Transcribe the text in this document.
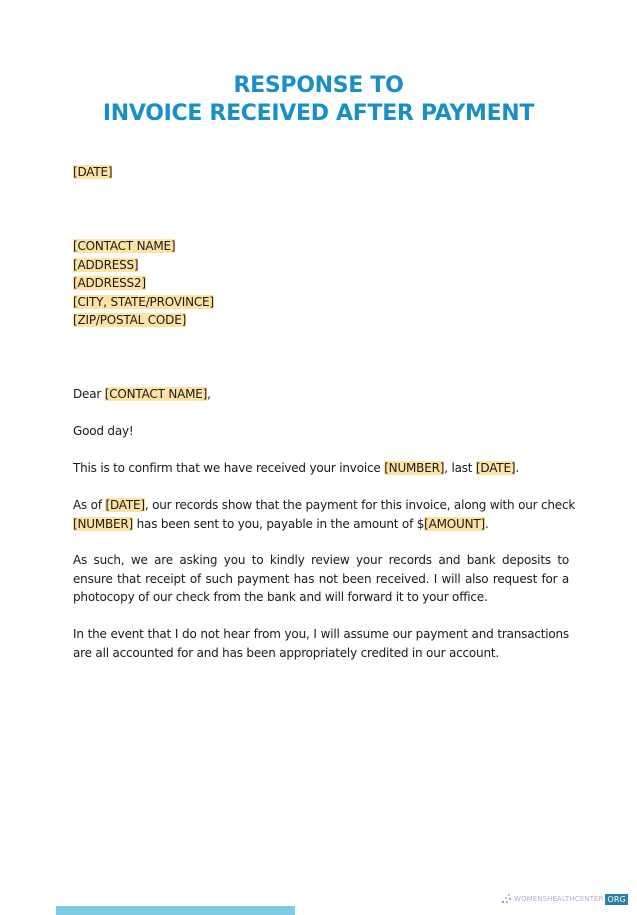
RESPONSE TO
INVOICE RECEIVED AFTER PAYMENT
[DATE]
[CONTACT NAME]
[ADDRESS]
[ADDRESS2]
[CITY, STATE/PROVINCE]
[ZIP/POSTAL CODE]
Dear [CONTACT NAME],
Good day!
This is to confirm that we have received your invoice [NUMBER], last [DATE].
As of [DATE] , our records show that the payment for this invoice, along with our check
[NUMBER] has been sent to you, payable in the amount of $[AMOUNT].
As such, we are asking you to kindly review your records and bank deposits to ensure that receipt of such payment has not been received. I will also request for a photocopy of our check from the bank and will forward it to your office.
In the event that I do not hear from you, I will assume our payment and transactions are all accounted for and has been appropriately credited in our account.
WOMENSHEALTHCENTER ORG
